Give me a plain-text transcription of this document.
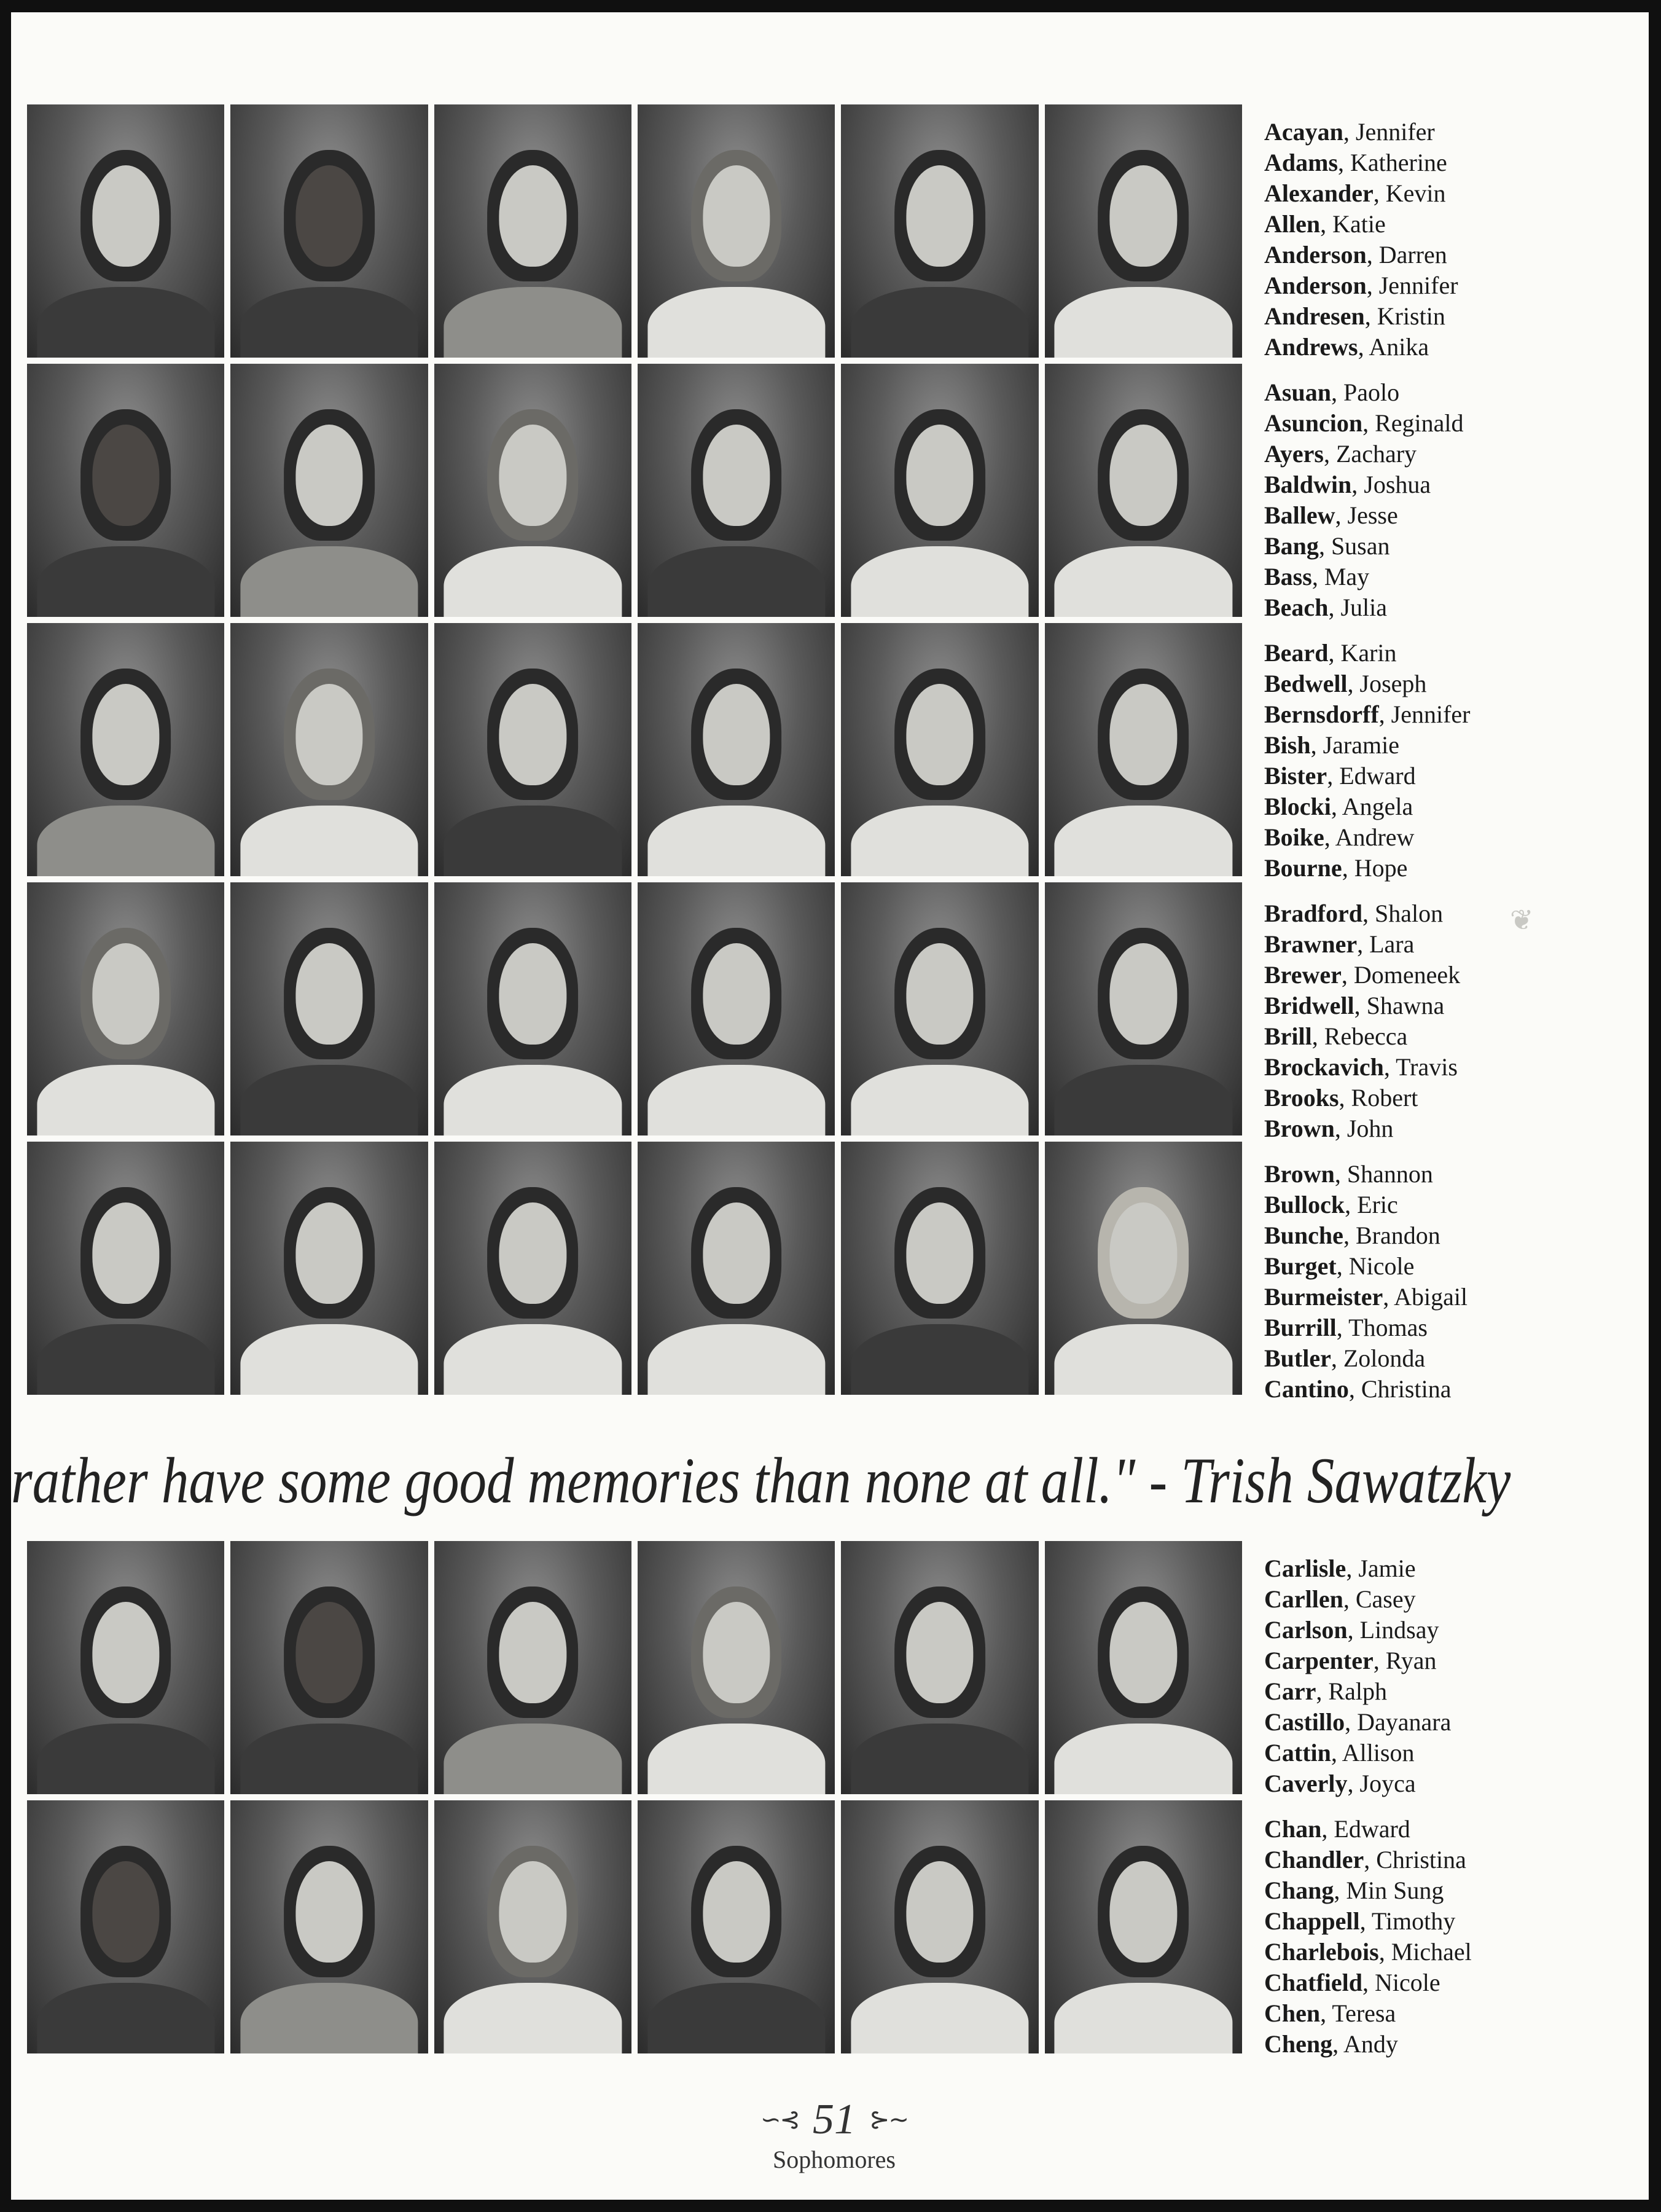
Acayan, Jennifer
Adams, Katherine
Alexander, Kevin
Allen, Katie
Anderson, Darren
Anderson, Jennifer
Andresen, Kristin
Andrews, Anika
Asuan, Paolo
Asuncion, Reginald
Ayers, Zachary
Baldwin, Joshua
Ballew, Jesse
Bang, Susan
Bass, May
Beach, Julia
Beard, Karin
Bedwell, Joseph
Bernsdorff, Jennifer
Bish, Jaramie
Bister, Edward
Blocki, Angela
Boike, Andrew
Bourne, Hope
Bradford, Shalon
Brawner, Lara
Brewer, Domeneek
Bridwell, Shawna
Brill, Rebecca
Brockavich, Travis
Brooks, Robert
Brown, John
Brown, Shannon
Bullock, Eric
Bunche, Brandon
Burget, Nicole
Burmeister, Abigail
Burrill, Thomas
Butler, Zolonda
Cantino, Christina
rather have some good memories than none at all." - Trish Sawatzky
Carlisle, Jamie
Carllen, Casey
Carlson, Lindsay
Carpenter, Ryan
Carr, Ralph
Castillo, Dayanara
Cattin, Allison
Caverly, Joyca
Chan, Edward
Chandler, Christina
Chang, Min Sung
Chappell, Timothy
Charlebois, Michael
Chatfield, Nicole
Chen, Teresa
Cheng, Andy
❦
∽⊰ 51 ⊱∼
Sophomores
